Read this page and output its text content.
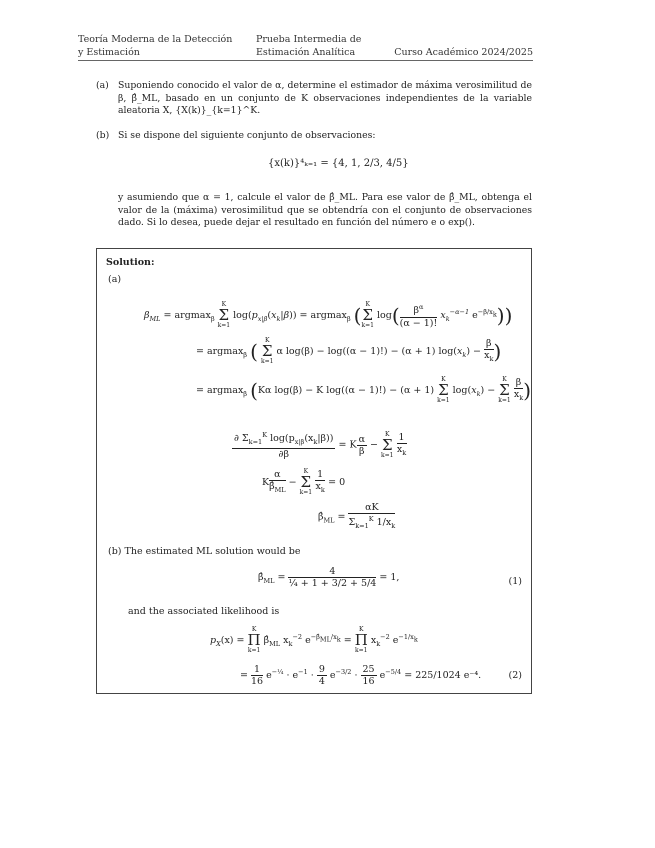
Teoría Moderna de la Detección
y Estimación
Prueba Intermedia de
Estimación Analítica	Curso Académico 2024/2025
(a) Suponiendo conocido el valor de α, determine el estimador de máxima verosimilitud de β, β̂_ML, basado en un conjunto de K observaciones independientes de la variable aleatoria X, {X(k)}_{k=1}^K.
(b) Si se dispone del siguiente conjunto de observaciones:
{x(k)}⁴ₖ₌₁ = {4, 1, 2/3, 4/5}
y asumiendo que α = 1, calcule el valor de β̂_ML. Para ese valor de β̂_ML, obtenga el valor de la (máxima) verosimilitud que se obtendría con el conjunto de observaciones dado. Si lo desea, puede dejar el resultado en función del número e o exp().
Solution:
(a)
$\beta_{ML} = argmax_\beta$
K
Σ
k=1
$\log(p_{x|\beta}(x_k|\beta)) = argmax_\beta$ ( K
Σ
k=1
$\log( \frac{\beta^\alpha}{(\alpha - 1)!} x_k^{-\alpha-1}$ $e^{-\beta/x_k}$))
= argmax$_\beta$ (	K
Σ
k=1
α log(β) − log((α − 1)!) − (α + 1) $\log(x_k) - \frac{\beta}{x_k}$ )
= argmax$_\beta$ (Kα log(β) − K log((α − 1)!) − (α + 1)
K
Σ
k=1
$\log(x_k)$ −
K
Σ
k=1
$\frac{\beta}{x_k}$ )
$\frac{\partial \Sigma_{k=1}^K \log(p_{x|\beta}(x_k|\beta))}{\partial\beta} = K \frac{\alpha}{\beta}$ −
K
Σ
k=1
$\frac{1}{x_k}$
K $\frac{\alpha}{\betâ_{ML}}$ −
K
Σ
k=1
$\frac{1}{x_k} = 0$
$\betâ_{ML} = \frac{\alpha K}{\Sigma_{k=1}^K 1/x_k}$
(b) The estimated ML solution would be
$\betâ_{ML} = \frac{4}{\text{¼ + 1 + 3/2 + 5/4}} = 1$,	(1)
and the associated likelihood is
$p_X(x)$ =
K
Π
k=1
$\betâ_{ML}$ $x_k^{-2}$ $e^{-\betâ_{ML}/x_k}$ =
K
Π
k=1
$x_k^{-2}$ $e^{-1/x_k}$
= $\frac{1}{16} e^{-\frac{1}{4}} \cdot e^{-1} \cdot \frac{9}{4} e^{-3/2} \cdot \frac{25}{16} e^{-5/4} = 225/1024$ e⁻⁴.	(2)
